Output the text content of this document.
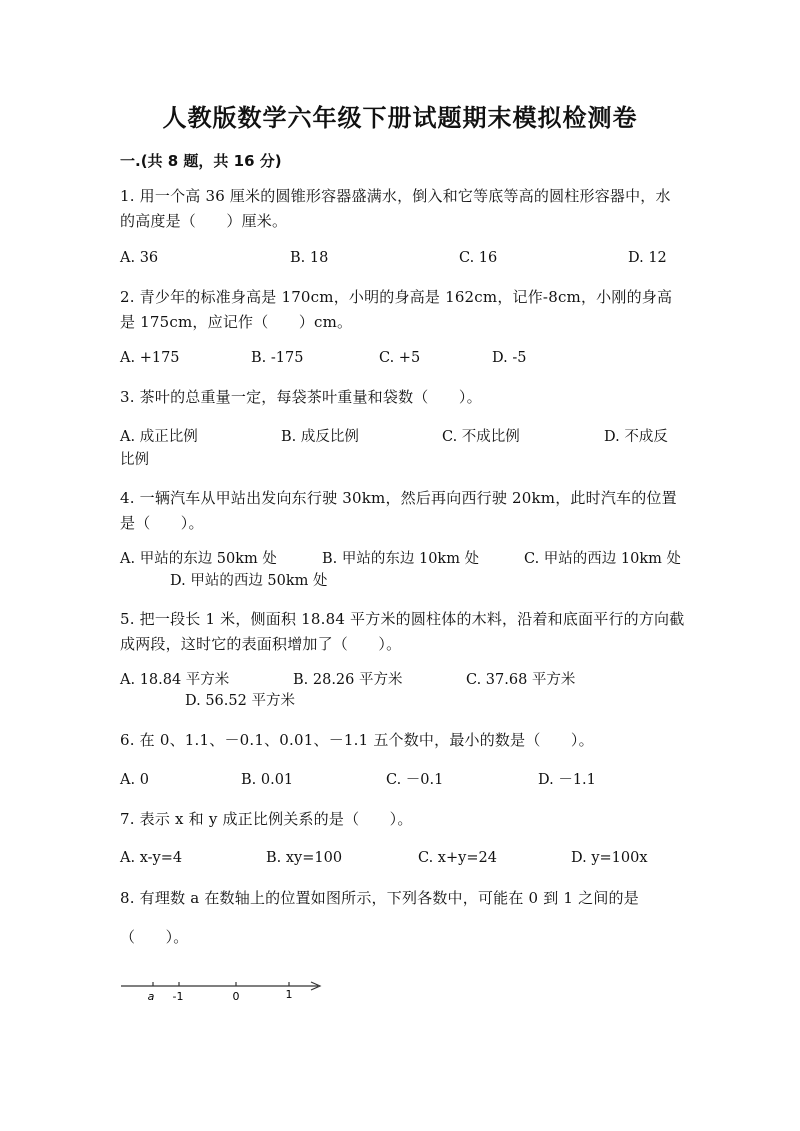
人教版数学六年级下册试题期末模拟检测卷
一.(共 8 题，共 16 分)
1. 用一个高 36 厘米的圆锥形容器盛满水，倒入和它等底等高的圆柱形容器中，水的高度是（　　）厘米。
A. 36	B. 18	C. 16	D. 12
2. 青少年的标准身高是 170cm，小明的身高是 162cm，记作-8cm，小刚的身高是 175cm，应记作（　　）cm。
A. +175	B. -175	C. +5	D. -5
3. 茶叶的总重量一定，每袋茶叶重量和袋数（　　）。
A. 成正比例	B. 成反比例	C. 不成比例	D. 不成反
比例
4. 一辆汽车从甲站出发向东行驶 30km，然后再向西行驶 20km，此时汽车的位置是（　　）。
A. 甲站的东边 50km 处	B. 甲站的东边 10km 处	C. 甲站的西边 10km 处
D. 甲站的西边 50km 处
5. 把一段长 1 米，侧面积 18.84 平方米的圆柱体的木料，沿着和底面平行的方向截成两段，这时它的表面积增加了（　　）。
A. 18.84 平方米	B. 28.26 平方米	C. 37.68 平方米
D. 56.52 平方米
6. 在 0、1.1、－0.1、0.01、－1.1 五个数中，最小的数是（　　）。
A. 0	B. 0.01	C. －0.1	D. －1.1
7. 表示 x 和 y 成正比例关系的是（　　）。
A. x-y=4	B. xy=100	C. x+y=24	D. y=100x
8. 有理数 a 在数轴上的位置如图所示，下列各数中，可能在 0 到 1 之间的是
（　　）。
a -1	0	1
